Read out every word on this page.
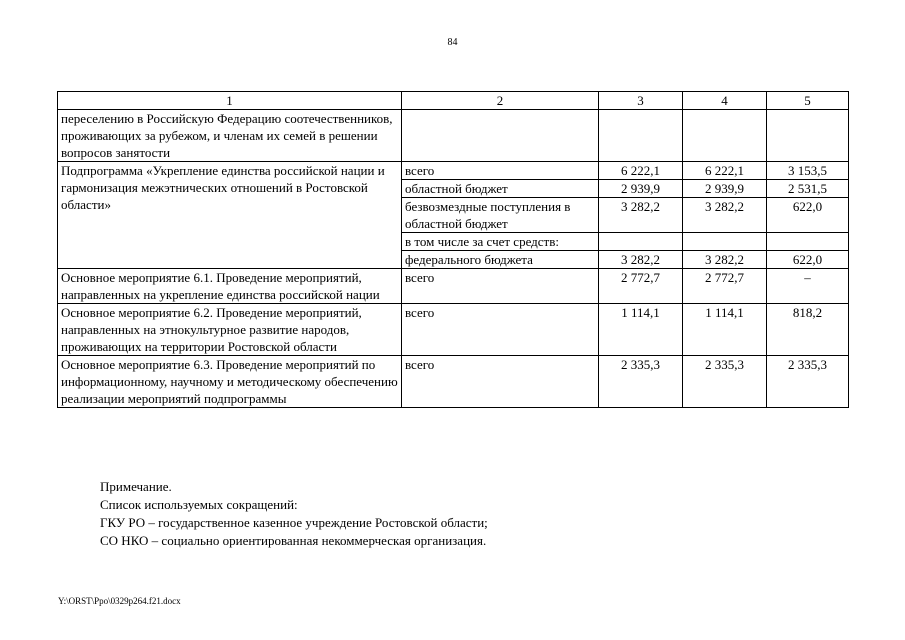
84
1	2	3	4	5
переселению в Российскую Федерацию соотечественников, проживающих за рубежом, и членам их семей в решении вопросов занятости				
Подпрограмма «Укрепление единства российской нации и гармонизация межэтнических отношений в Ростовской области»	всего	6 222,1	6 222,1	3 153,5
	областной бюджет	2 939,9	2 939,9	2 531,5
	безвозмездные поступления в областной бюджет	3 282,2	3 282,2	622,0
	в том числе за счет средств:			
	федерального бюджета	3 282,2	3 282,2	622,0
Основное мероприятие 6.1. Проведение мероприятий, направленных на укрепление единства российской нации	всего	2 772,7	2 772,7	–
Основное мероприятие 6.2. Проведение мероприятий, направленных на этнокультурное развитие народов, проживающих на территории Ростовской области	всего	1 114,1	1 114,1	818,2
Основное мероприятие 6.3. Проведение мероприятий по информационному, научному и методическому обеспечению реализации мероприятий подпрограммы	всего	2 335,3	2 335,3	2 335,3
Примечание.
Список используемых сокращений:
ГКУ РО – государственное казенное учреждение Ростовской области;
СО НКО – социально ориентированная некоммерческая организация.
Y:\ORST\Ppo\0329p264.f21.docx
